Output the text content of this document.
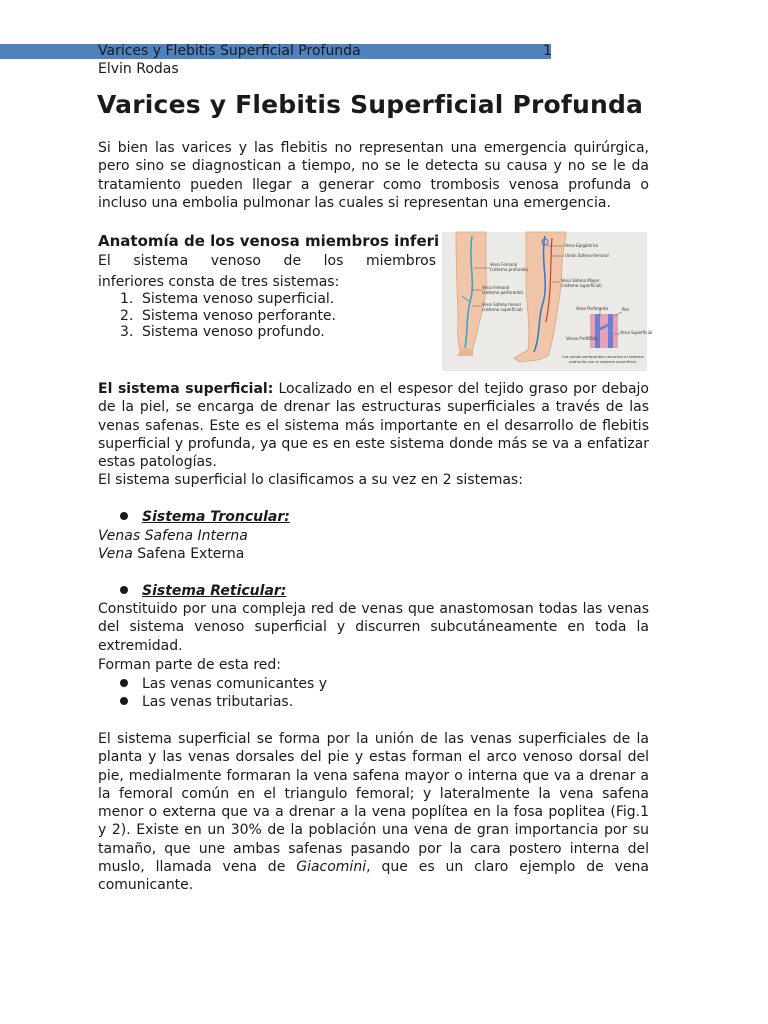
Varices y Flebitis Superficial Profunda	1
Elvin Rodas
Varices y Flebitis Superficial Profunda

Si bien las varices y las flebitis no representan una emergencia quirúrgica, pero sino se diagnostican a tiempo, no se le detecta su causa y no se le da tratamiento pueden llegar a generar como trombosis venosa profunda o incluso una embolia pulmonar las cuales si representan una emergencia.

Anatomía de los venosa miembros inferi

El sistema venoso de los miembros

inferiores consta de tres sistemas:
1. Sistema venoso superficial.
2. Sistema venoso perforante.
3. Sistema venoso profundo.
Vena Epigástrica
Unión Safeno-femoral
Vena Femoral
(sistema profundo)
Vena Safena Mayor
(sistema superficial)
Vena Femoral
(sistema perforante)
Vena Safena menor
(sistema superficial)	Vena Perforante	Piel
Vena Superficial
Venas Profundo
Las venas perforantes conectan el sistema profundo con el sistema superficial.

El sistema superficial: Localizado en el espesor del tejido graso por debajo de la piel, se encarga de drenar las estructuras superficiales a través de las venas safenas. Este es el sistema más importante en el desarrollo de flebitis superficial y profunda, ya que es en este sistema donde más se va a enfatizar estas patologías.

El sistema superficial lo clasificamos a su vez en 2 sistemas:
Sistema Troncular:
Venas Safena Interna
Vena Safena Externa
Sistema Reticular:

Constituido por una compleja red de venas que anastomosan todas las venas del sistema venoso superficial y discurren subcutáneamente en toda la extremidad.

Forman parte de esta red:
Las venas comunicantes y
Las venas tributarias.

El sistema superficial se forma por la unión de las venas superficiales de la planta y las venas dorsales del pie y estas forman el arco venoso dorsal del pie, medialmente formaran la vena safena mayor o interna que va a drenar a la femoral común en el triangulo femoral; y lateralmente la vena safena menor o externa que va a drenar a la vena poplítea en la fosa poplitea (Fig.1 y 2). Existe en un 30% de la población una vena de gran importancia por su tamaño, que une ambas safenas pasando por la cara postero interna del muslo, llamada vena de Giacomini, que es un claro ejemplo de vena comunicante.
